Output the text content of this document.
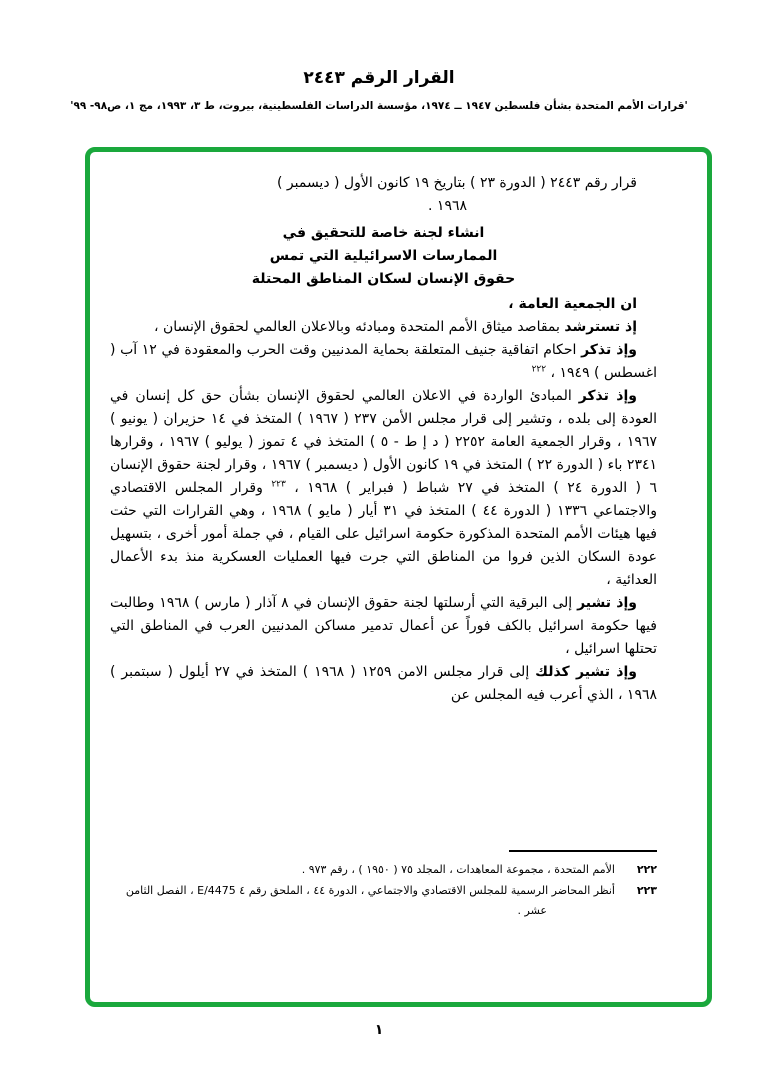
القرار الرقم ٢٤٤٣
'قرارات الأمم المتحدة بشأن فلسطين ١٩٤٧ ــ ١٩٧٤، مؤسسة الدراسات الفلسطينية، بيروت، ط ٣، ١٩٩٣، مج ١، ص٩٨- ٩٩'
قرار رقم ٢٤٤٣ ( الدورة ٢٣ ) بتاريخ ١٩ كانون الأول ( ديسمبر )
١٩٦٨ .
انشاء لجنة خاصة للتحقيق في
الممارسات الاسرائيلية التي تمس
حقوق الإنسان لسكان المناطق المحتلة

ان الجمعية العامة ،

إذ تسترشد بمقاصد ميثاق الأمم المتحدة ومبادئه وبالاعلان العالمي لحقوق الإنسان ،

وإذ تذكر احكام اتفاقية جنيف المتعلقة بحماية المدنيين وقت الحرب والمعقودة في ١٢ آب ( اغسطس ) ١٩٤٩ ، $^{٢٢٢}$

وإذ تذكر المبادئ الواردة في الاعلان العالمي لحقوق الإنسان بشأن حق كل إنسان في العودة إلى بلده ، وتشير إلى قرار مجلس الأمن ٢٣٧ ( ١٩٦٧ ) المتخذ في ١٤ حزيران ( يونيو ) ١٩٦٧ ، وقرار الجمعية العامة ٢٢٥٢ ( د إ ط - ٥ ) المتخذ في ٤ تموز ( يوليو ) ١٩٦٧ ، وقرارها ٢٣٤١ باء ( الدورة ٢٢ ) المتخذ في ١٩ كانون الأول ( ديسمبر ) ١٩٦٧ ، وقرار لجنة حقوق الإنسان ٦ ( الدورة ٢٤ ) المتخذ في ٢٧ شباط ( فبراير ) ١٩٦٨ ، $^{٢٢٣}$ وقرار المجلس الاقتصادي والاجتماعي ١٣٣٦ ( الدورة ٤٤ ) المتخذ في ٣١ أيار ( مايو ) ١٩٦٨ ، وهي القرارات التي حثت فيها هيئات الأمم المتحدة المذكورة حكومة اسرائيل على القيام ، في جملة أمور أخرى ، بتسهيل عودة السكان الذين فروا من المناطق التي جرت فيها العمليات العسكرية منذ بدء الأعمال العدائية ،

وإذ تشير إلى البرقية التي أرسلتها لجنة حقوق الإنسان في ٨ آذار ( مارس ) ١٩٦٨ وطالبت فيها حكومة اسرائيل بالكف فوراً عن أعمال تدمير مساكن المدنيين العرب في المناطق التي تحتلها اسرائيل ،

وإذ تشير كذلك إلى قرار مجلس الامن ١٢٥٩ ( ١٩٦٨ ) المتخذ في ٢٧ أيلول ( سبتمبر ) ١٩٦٨ ، الذي أعرب فيه المجلس عن

٢٢٢
الأمم المتحدة ، مجموعة المعاهدات ، المجلد ٧٥ ( ١٩٥٠ ) ، رقم ٩٧٣ .
٢٢٣
أنظر المحاضر الرسمية للمجلس الاقتصادي والاجتماعي ، الدورة ٤٤ ، الملحق رقم ٤ E/4475 ، الفصل الثامن عشر .
١
